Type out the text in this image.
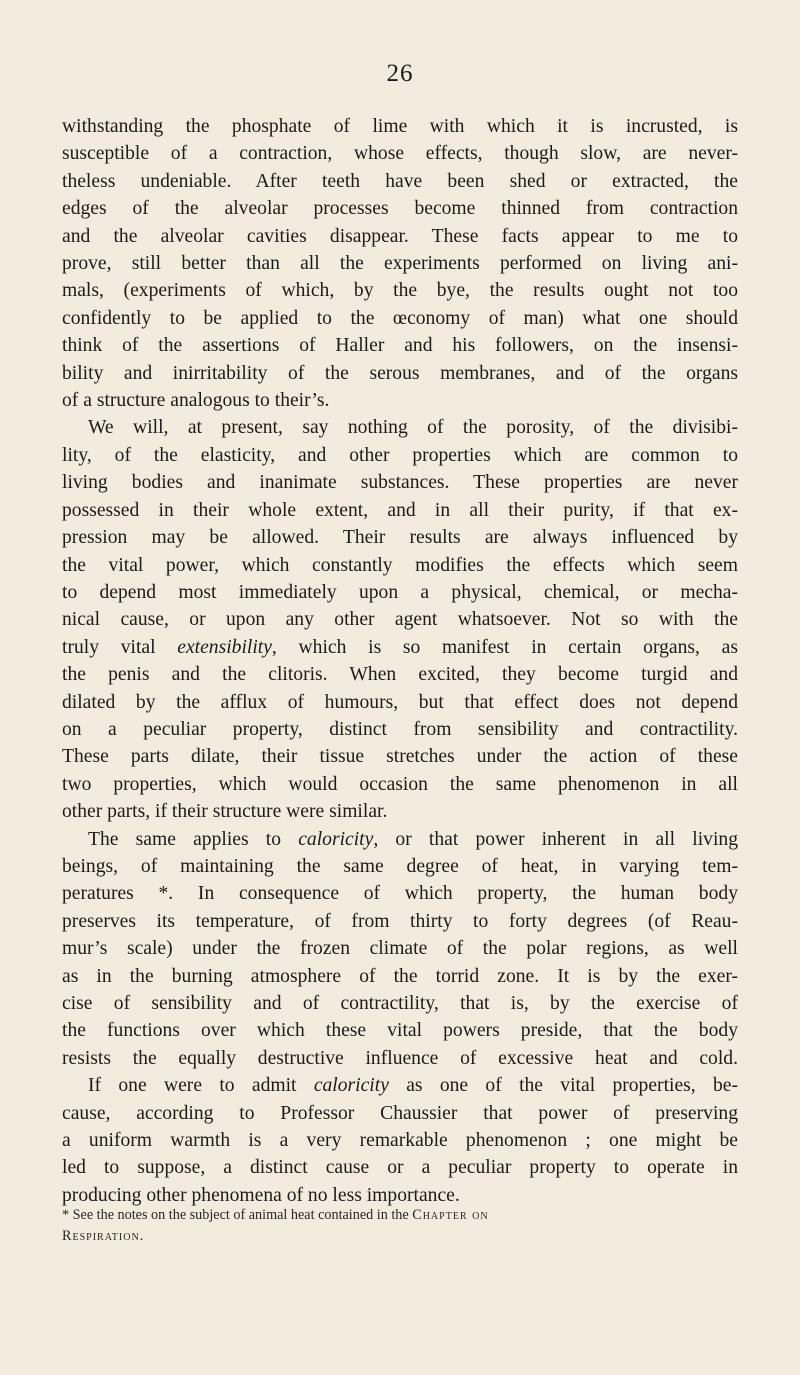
26
withstanding the phosphate of lime with which it is incrusted, is
susceptible of a contraction, whose effects, though slow, are never-
theless undeniable. After teeth have been shed or extracted, the
edges of the alveolar processes become thinned from contraction
and the alveolar cavities disappear. These facts appear to me to
prove, still better than all the experiments performed on living ani-
mals, (experiments of which, by the bye, the results ought not too
confidently to be applied to the œconomy of man) what one should
think of the assertions of Haller and his followers, on the insensi-
bility and inirritability of the serous membranes, and of the organs
of a structure analogous to their’s.
We will, at present, say nothing of the porosity, of the divisibi-
lity, of the elasticity, and other properties which are common to
living bodies and inanimate substances. These properties are never
possessed in their whole extent, and in all their purity, if that ex-
pression may be allowed. Their results are always influenced by
the vital power, which constantly modifies the effects which seem
to depend most immediately upon a physical, chemical, or mecha-
nical cause, or upon any other agent whatsoever. Not so with the
truly vital extensibility, which is so manifest in certain organs, as
the penis and the clitoris. When excited, they become turgid and
dilated by the afflux of humours, but that effect does not depend
on a peculiar property, distinct from sensibility and contractility.
These parts dilate, their tissue stretches under the action of these
two properties, which would occasion the same phenomenon in all
other parts, if their structure were similar.
The same applies to caloricity, or that power inherent in all living
beings, of maintaining the same degree of heat, in varying tem-
peratures *. In consequence of which property, the human body
preserves its temperature, of from thirty to forty degrees (of Reau-
mur’s scale) under the frozen climate of the polar regions, as well
as in the burning atmosphere of the torrid zone. It is by the exer-
cise of sensibility and of contractility, that is, by the exercise of
the functions over which these vital powers preside, that the body
resists the equally destructive influence of excessive heat and cold.
If one were to admit caloricity as one of the vital properties, be-
cause, according to Professor Chaussier that power of preserving
a uniform warmth is a very remarkable phenomenon ; one might be
led to suppose, a distinct cause or a peculiar property to operate in
producing other phenomena of no less importance.
* See the notes on the subject of animal heat contained in the Chapter on
Respiration.
